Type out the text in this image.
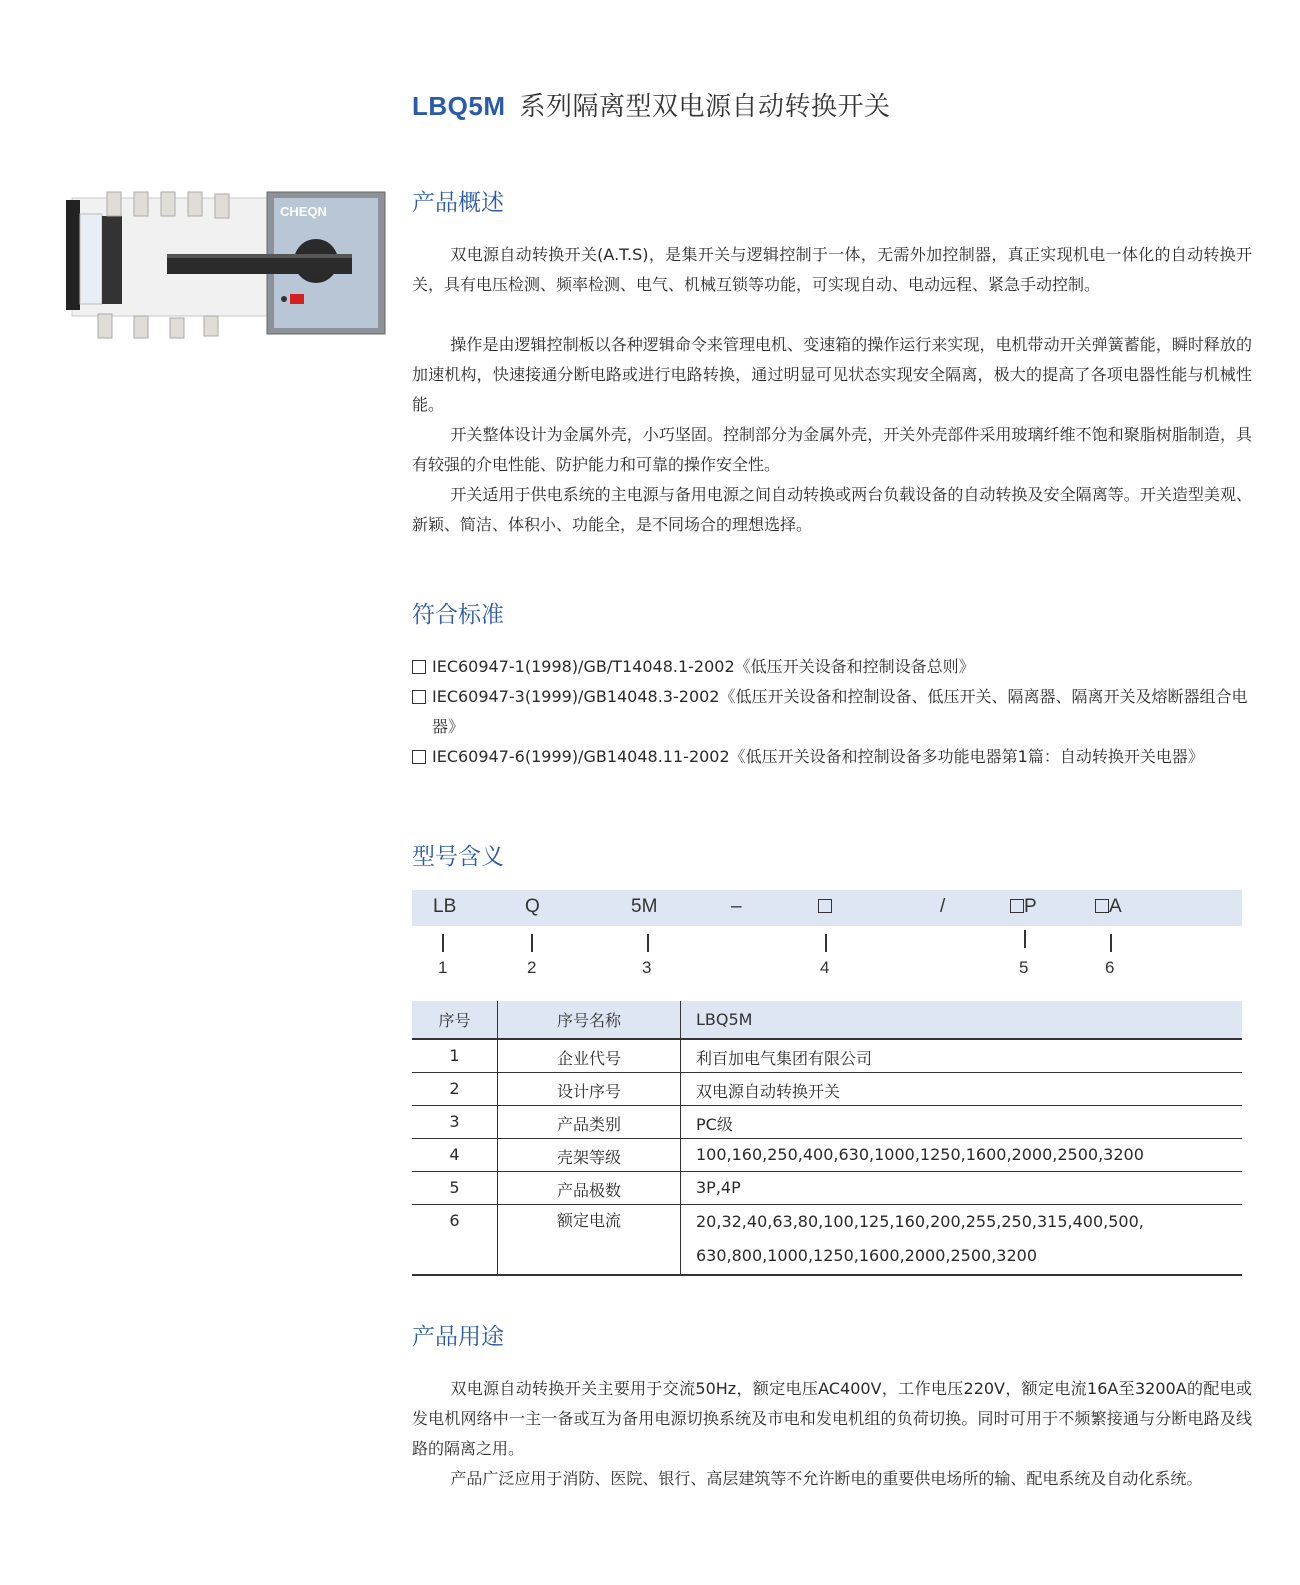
LBQ5M 系列隔离型双电源自动转换开关
CHEQN	产品概述

双电源自动转换开关(A.T.S)，是集开关与逻辑控制于一体，无需外加控制器，真正实现机电一体化的自动转换开关，具有电压检测、频率检测、电气、机械互锁等功能，可实现自动、电动远程、紧急手动控制。

操作是由逻辑控制板以各种逻辑命令来管理电机、变速箱的操作运行来实现，电机带动开关弹簧蓄能，瞬时释放的加速机构，快速接通分断电路或进行电路转换，通过明显可见状态实现安全隔离，极大的提高了各项电器性能与机械性能。

开关整体设计为金属外壳，小巧坚固。控制部分为金属外壳，开关外壳部件采用玻璃纤维不饱和聚脂树脂制造，具有较强的介电性能、防护能力和可靠的操作安全性。

开关适用于供电系统的主电源与备用电源之间自动转换或两台负载设备的自动转换及安全隔离等。开关造型美观、新颖、简洁、体积小、功能全，是不同场合的理想选择。

符合标准
IEC60947-1(1998)/GB/T14048.1-2002《低压开关设备和控制设备总则》
IEC60947-3(1999)/GB14048.3-2002《低压开关设备和控制设备、低压开关、隔离器、隔离开关及熔断器组合电器》
IEC60947-6(1999)/GB14048.11-2002《低压开关设备和控制设备多功能电器第1篇：自动转换开关电器》
型号含义
LB	Q	5M	–	/	P	A
1	2	3	4	5	6
序号	序号名称	LBQ5M
1	企业代号	利百加电气集团有限公司
2	设计序号	双电源自动转换开关
3	产品类别	PC级
4	壳架等级	100,160,250,400,630,1000,1250,1600,2000,2500,3200
5	产品极数	3P,4P
6	额定电流	20,32,40,63,80,100,125,160,200,255,250,315,400,500,
630,800,1000,1250,1600,2000,2500,3200
产品用途

双电源自动转换开关主要用于交流50Hz，额定电压AC400V，工作电压220V，额定电流16A至3200A的配电或发电机网络中一主一备或互为备用电源切换系统及市电和发电机组的负荷切换。同时可用于不频繁接通与分断电路及线路的隔离之用。

产品广泛应用于消防、医院、银行、高层建筑等不允许断电的重要供电场所的输、配电系统及自动化系统。
